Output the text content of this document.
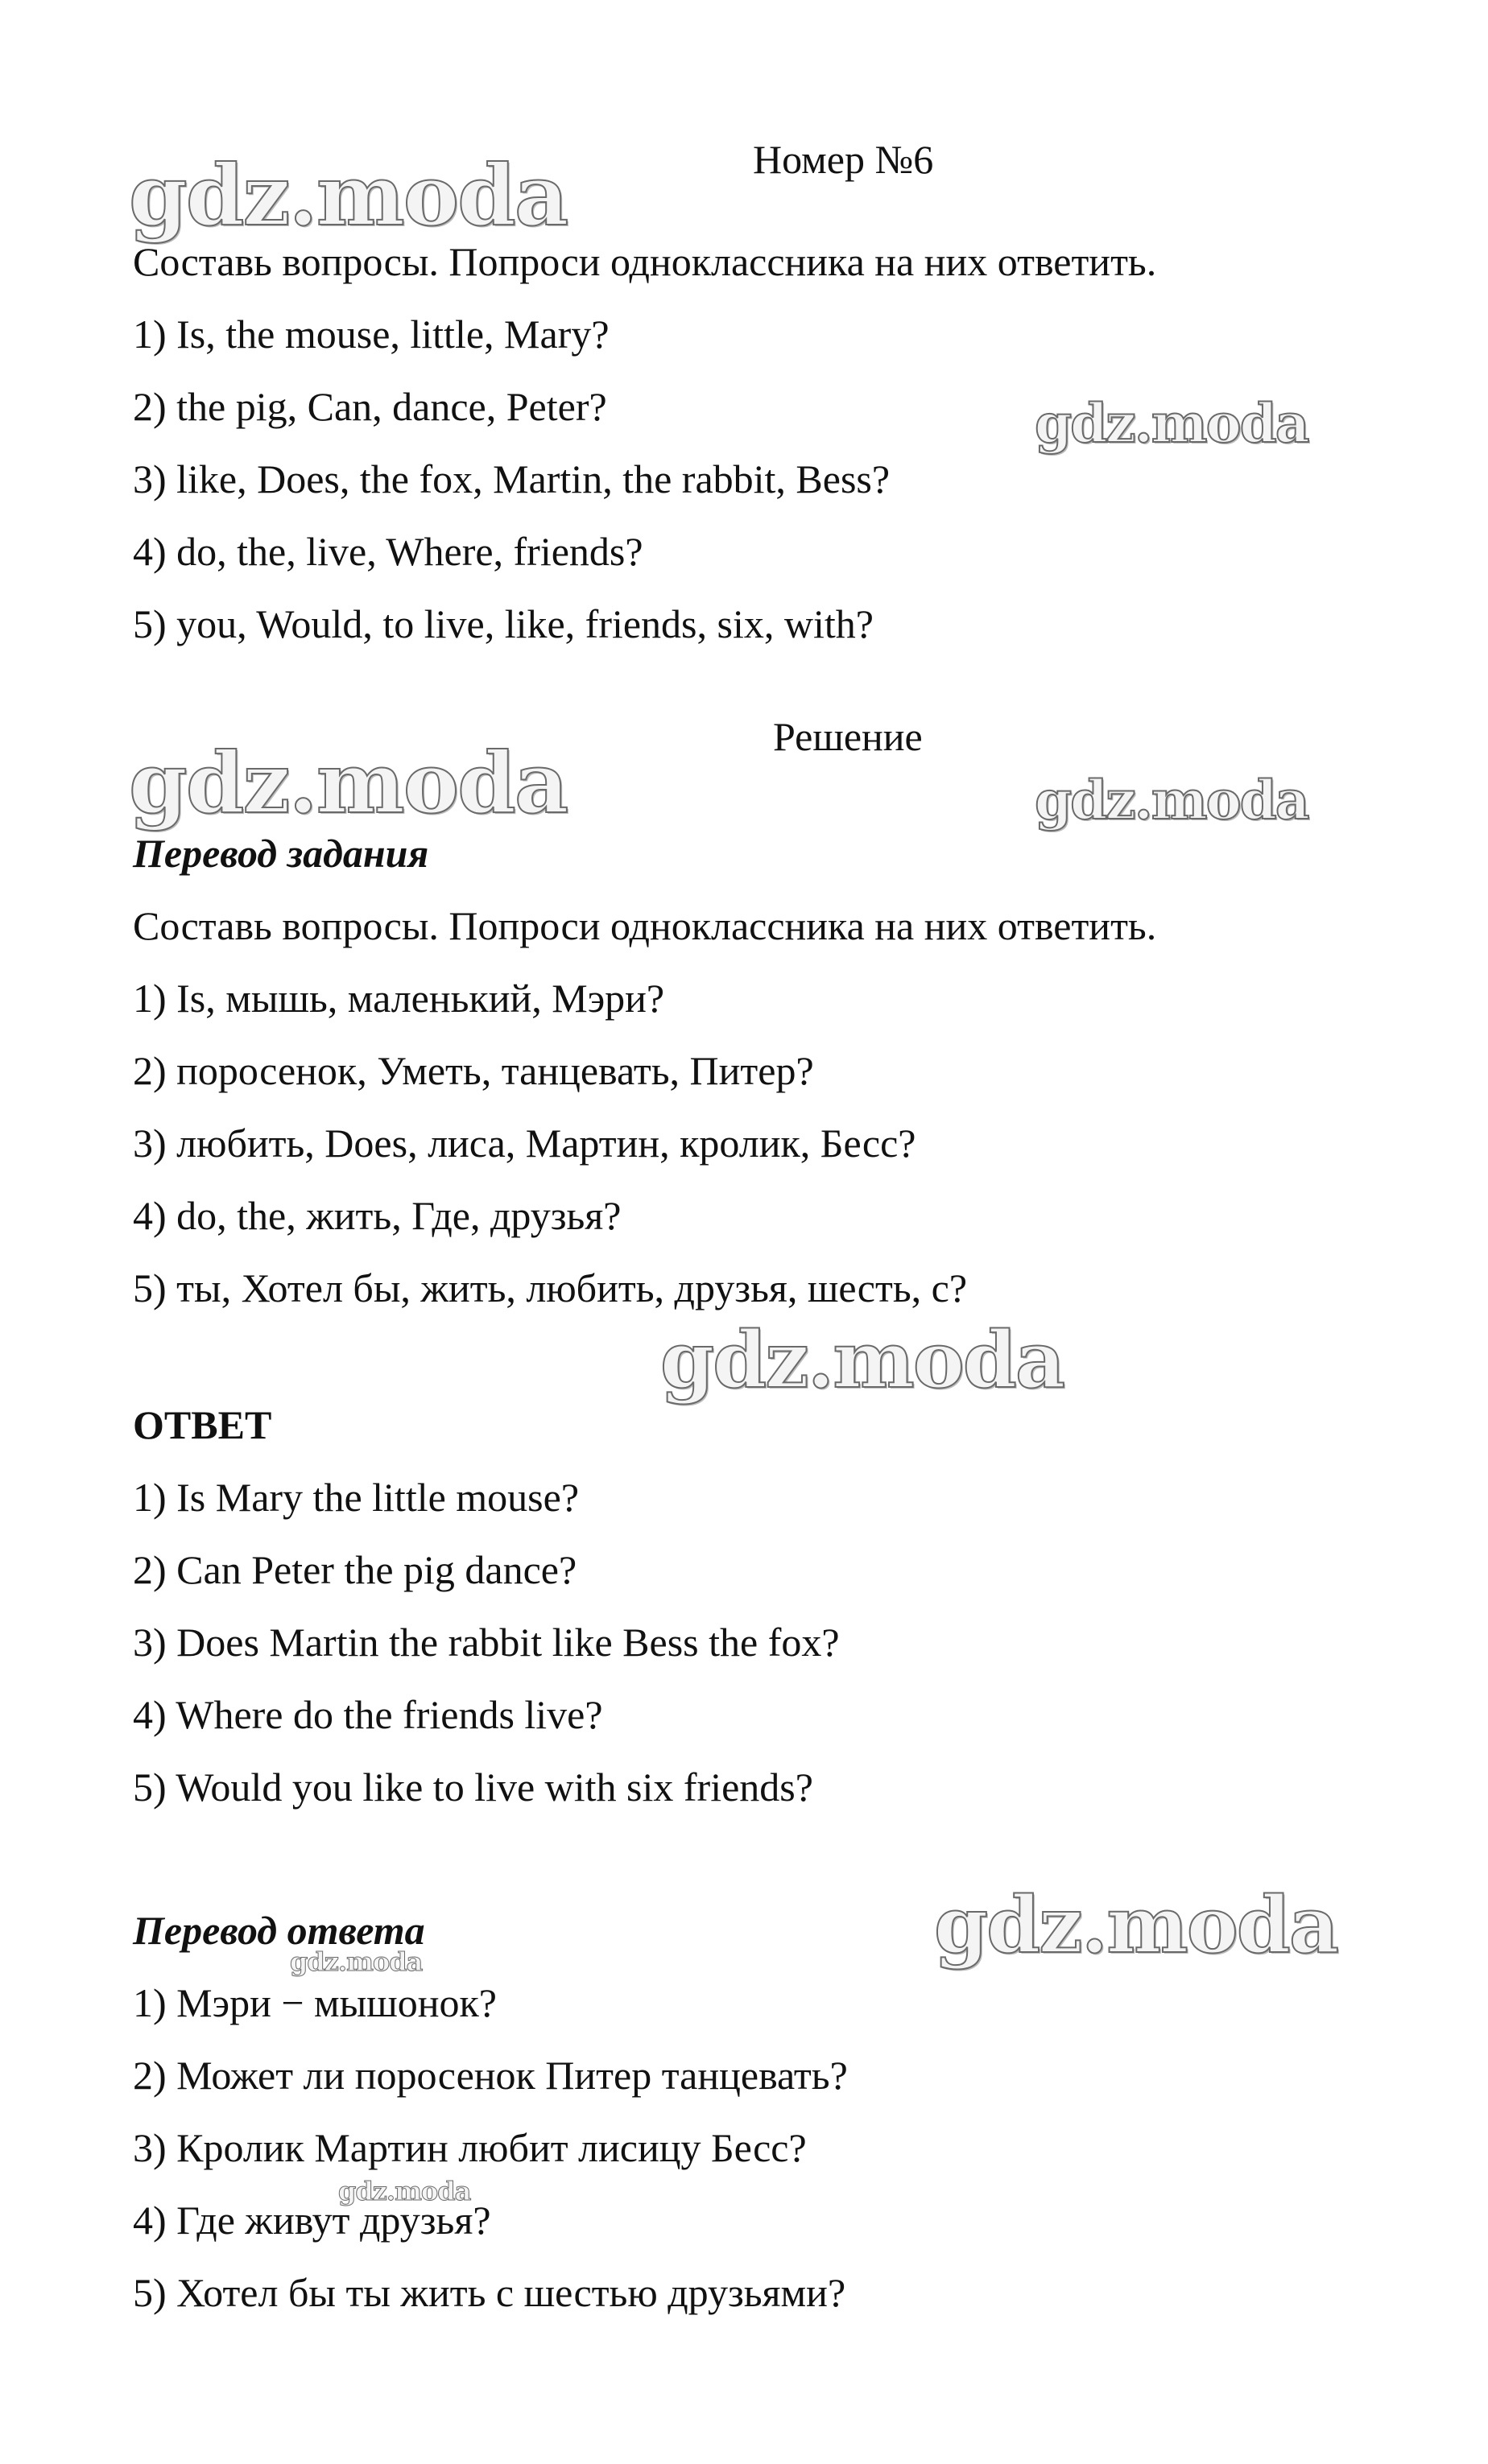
gdz.moda
gdz.moda
gdz.moda	gdz.moda
gdz.moda
gdz.moda
gdz.moda
gdz.moda
Номер №6
Составь вопросы. Попроси одноклассника на них ответить.
1) Is, the mouse, little, Mary?
2) the pig, Can, dance, Peter?
3) like, Does, the fox, Martin, the rabbit, Bess?
4) do, the, live, Where, friends?
5) you, Would, to live, like, friends, six, with?
Решение
Перевод задания
Составь вопросы. Попроси одноклассника на них ответить.
1) Is, мышь, маленький, Мэри?
2) поросенок, Уметь, танцевать, Питер?
3) любить, Does, лиса, Мартин, кролик, Бесс?
4) do, the, жить, Где, друзья?
5) ты, Хотел бы, жить, любить, друзья, шесть, с?
ОТВЕТ
1) Is Mary the little mouse?
2) Can Peter the pig dance?
3) Does Martin the rabbit like Bess the fox?
4) Where do the friends live?
5) Would you like to live with six friends?
Перевод ответа
1) Мэри − мышонок?
2) Может ли поросенок Питер танцевать?
3) Кролик Мартин любит лисицу Бесс?
4) Где живут друзья?
5) Хотел бы ты жить с шестью друзьями?
